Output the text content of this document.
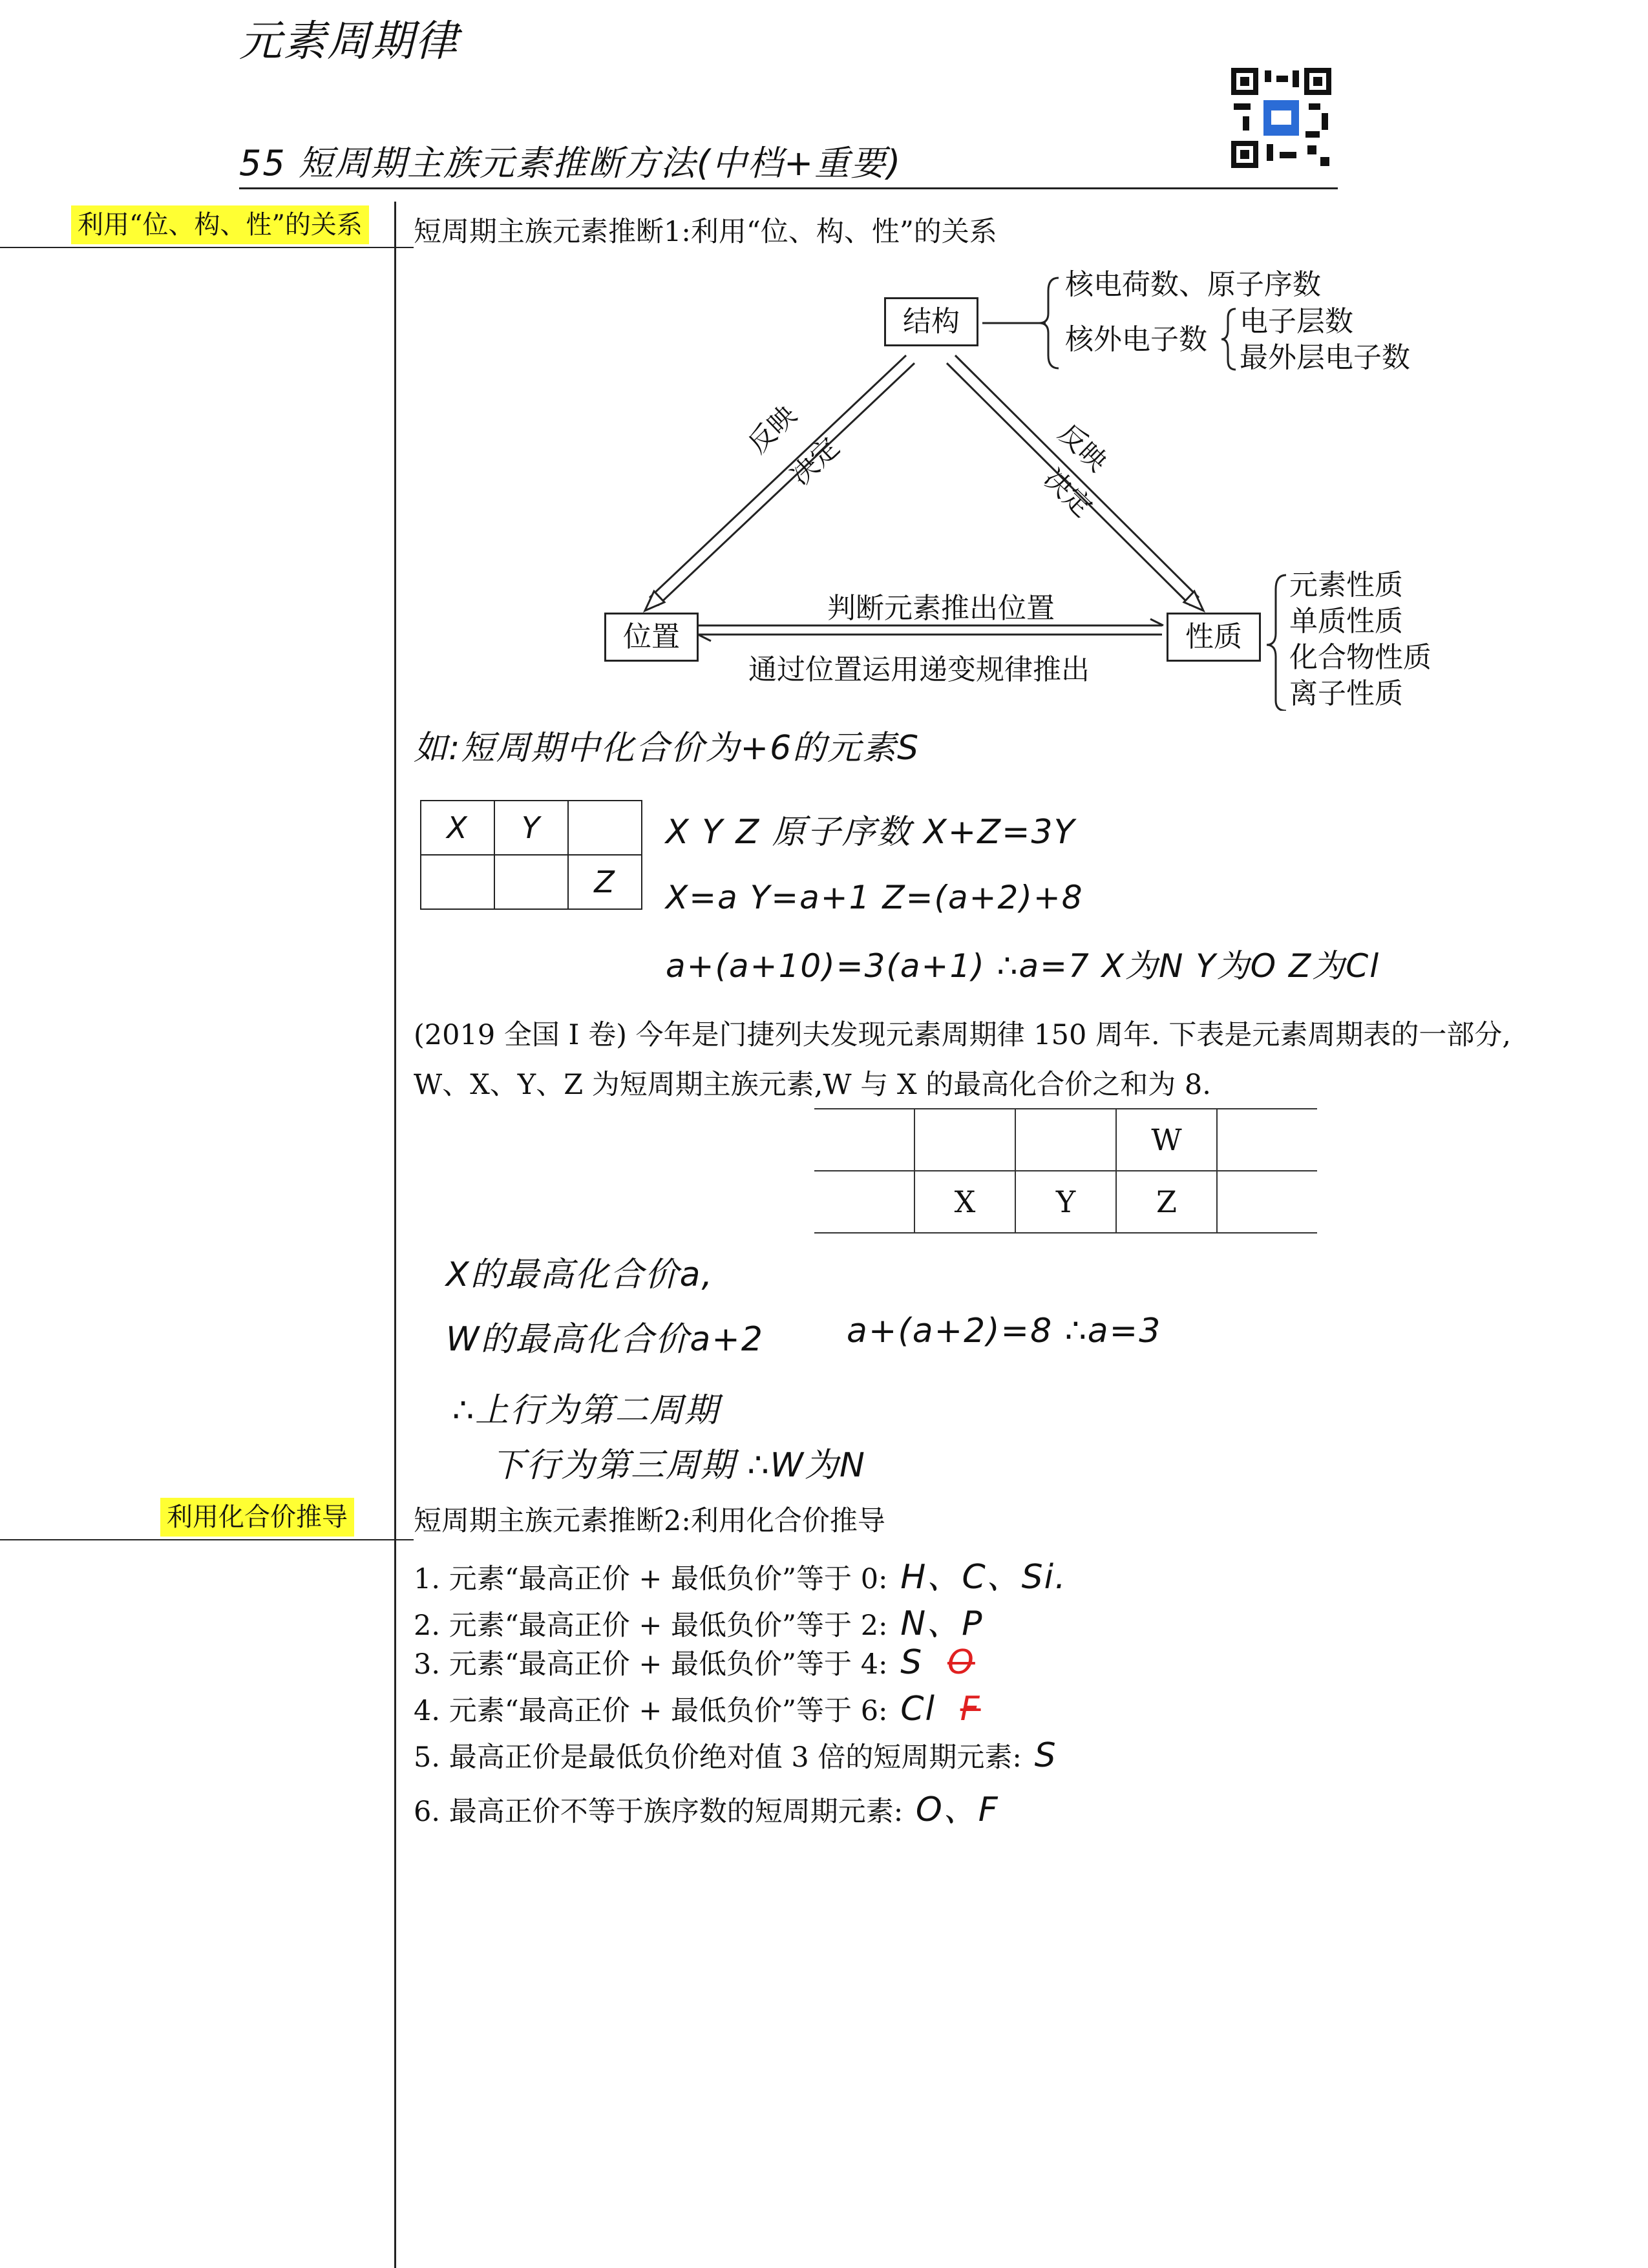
元素周期律
55 短周期主族元素推断方法(中档+重要)
利用“位、构、性”的关系
利用化合价推导
短周期主族元素推断1:利用“位、构、性”的关系
结构
位置	性质
反映
决定	反映
决定
判断元素推出位置
通过位置运用递变规律推出
核电荷数、原子序数
核外电子数
电子层数
最外层电子数
元素性质
单质性质
化合物性质
离子性质
如:短周期中化合价为+6的元素S
X	Y	
		Z
X Y Z 原子序数 X+Z=3Y
X=a Y=a+1 Z=(a+2)+8
a+(a+10)=3(a+1) ∴a=7 X为N Y为O Z为Cl
(2019 全国 I 卷) 今年是门捷列夫发现元素周期律 150 周年. 下表是元素周期表的一部分,
W、X、Y、Z 为短周期主族元素,W 与 X 的最高化合价之和为 8.
			W	
	X	Y	Z	
X的最高化合价a,
W的最高化合价a+2 a+(a+2)=8 ∴a=3
∴上行为第二周期
下行为第三周期 ∴W为N
短周期主族元素推断2:利用化合价推导
1. 元素“最高正价 + 最低负价”等于 0: H、C、Si.
2. 元素“最高正价 + 最低负价”等于 2: N、P
3. 元素“最高正价 + 最低负价”等于 4: S O
4. 元素“最高正价 + 最低负价”等于 6: Cl F
5. 最高正价是最低负价绝对值 3 倍的短周期元素: S
6. 最高正价不等于族序数的短周期元素: O、F
